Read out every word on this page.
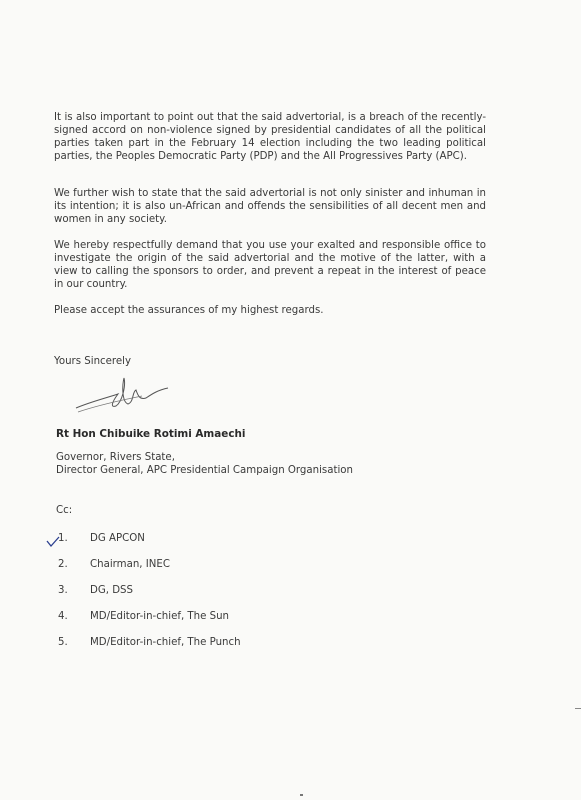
It is also important to point out that the said advertorial, is a breach of the recently- signed accord on non-violence signed by presidential candidates of all the political parties taken part in the February 14 election including the two leading political parties, the Peoples Democratic Party (PDP) and the All Progressives Party (APC).

We further wish to state that the said advertorial is not only sinister and inhuman in its intention; it is also un-African and offends the sensibilities of all decent men and women in any society.

We hereby respectfully demand that you use your exalted and responsible office to investigate the origin of the said advertorial and the motive of the latter, with a view to calling the sponsors to order, and prevent a repeat in the interest of peace in our country.

Please accept the assurances of my highest regards.

Yours Sincerely

Rt Hon Chibuike Rotimi Amaechi

Governor, Rivers State,

Director General, APC Presidential Campaign Organisation

Cc:

1. DG APCON
2. Chairman, INEC
3. DG, DSS
4. MD/Editor-in-chief, The Sun
5. MD/Editor-in-chief, The Punch
